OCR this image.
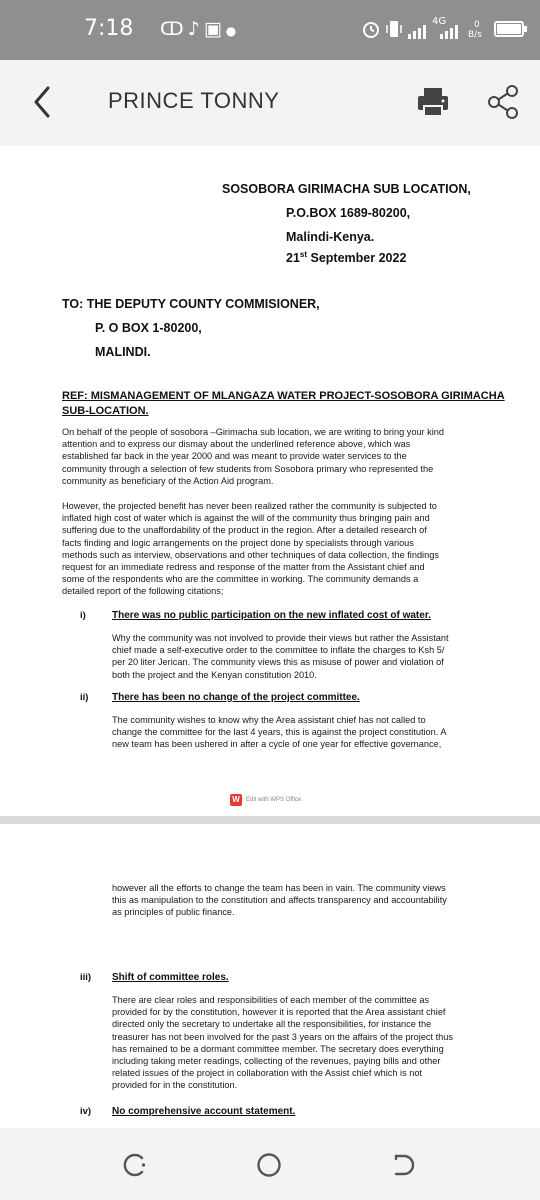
7:18 ↀ♪▣●
4G	0
B/s
PRINCE TONNY
SOSOBORA GIRIMACHA SUB LOCATION,
P.O.BOX 1689-80200,
Malindi-Kenya.
21st September 2022
TO: THE DEPUTY COUNTY COMMISIONER,
P. O BOX 1-80200,
MALINDI.
REF: MISMANAGEMENT OF MLANGAZA WATER PROJECT-SOSOBORA GIRIMACHA
SUB-LOCATION.
On behalf of the people of sosobora –Girimacha sub location, we are writing to bring your kind
attention and to express our dismay about the underlined reference above, which was
established far back in the year 2000 and was meant to provide water services to the
community through a selection of few students from Sosobora primary who represented the
community as beneficiary of the Action Aid program.
However, the projected benefit has never been realized rather the community is subjected to
inflated high cost of water which is against the will of the community thus bringing pain and
suffering due to the unaffordability of the product in the region. After a detailed research of
facts finding and logic arrangements on the project done by specialists through various
methods such as interview, observations and other techniques of data collection, the findings
request for an immediate redress and response of the matter from the Assistant chief and
some of the respondents who are the committee in working. The community demands a
detailed report of the following citations;
i)	There was no public participation on the new inflated cost of water.
Why the community was not involved to provide their views but rather the Assistant
chief made a self-executive order to the committee to inflate the charges to Ksh 5/
per 20 liter Jerican. The community views this as misuse of power and violation of
both the project and the Kenyan constitution 2010.
ii) There has been no change of the project committee.
The community wishes to know why the Area assistant chief has not called to
change the committee for the last 4 years, this is against the project constitution. A
new team has been ushered in after a cycle of one year for effective governance,
W Edit with WPS Office
however all the efforts to change the team has been in vain. The community views
this as manipulation to the constitution and affects transparency and accountability
as principles of public finance.
iii) Shift of committee roles.
There are clear roles and responsibilities of each member of the committee as
provided for by the constitution, however it is reported that the Area assistant chief
directed only the secretary to undertake all the responsibilities, for instance the
treasurer has not been involved for the past 3 years on the affairs of the project thus
has remained to be a dormant committee member. The secretary does everything
including taking meter readings, collecting of the revenues, paying bills and other
related issues of the project in collaboration with the Assist chief which is not
provided for in the constitution.
iv) No comprehensive account statement.
